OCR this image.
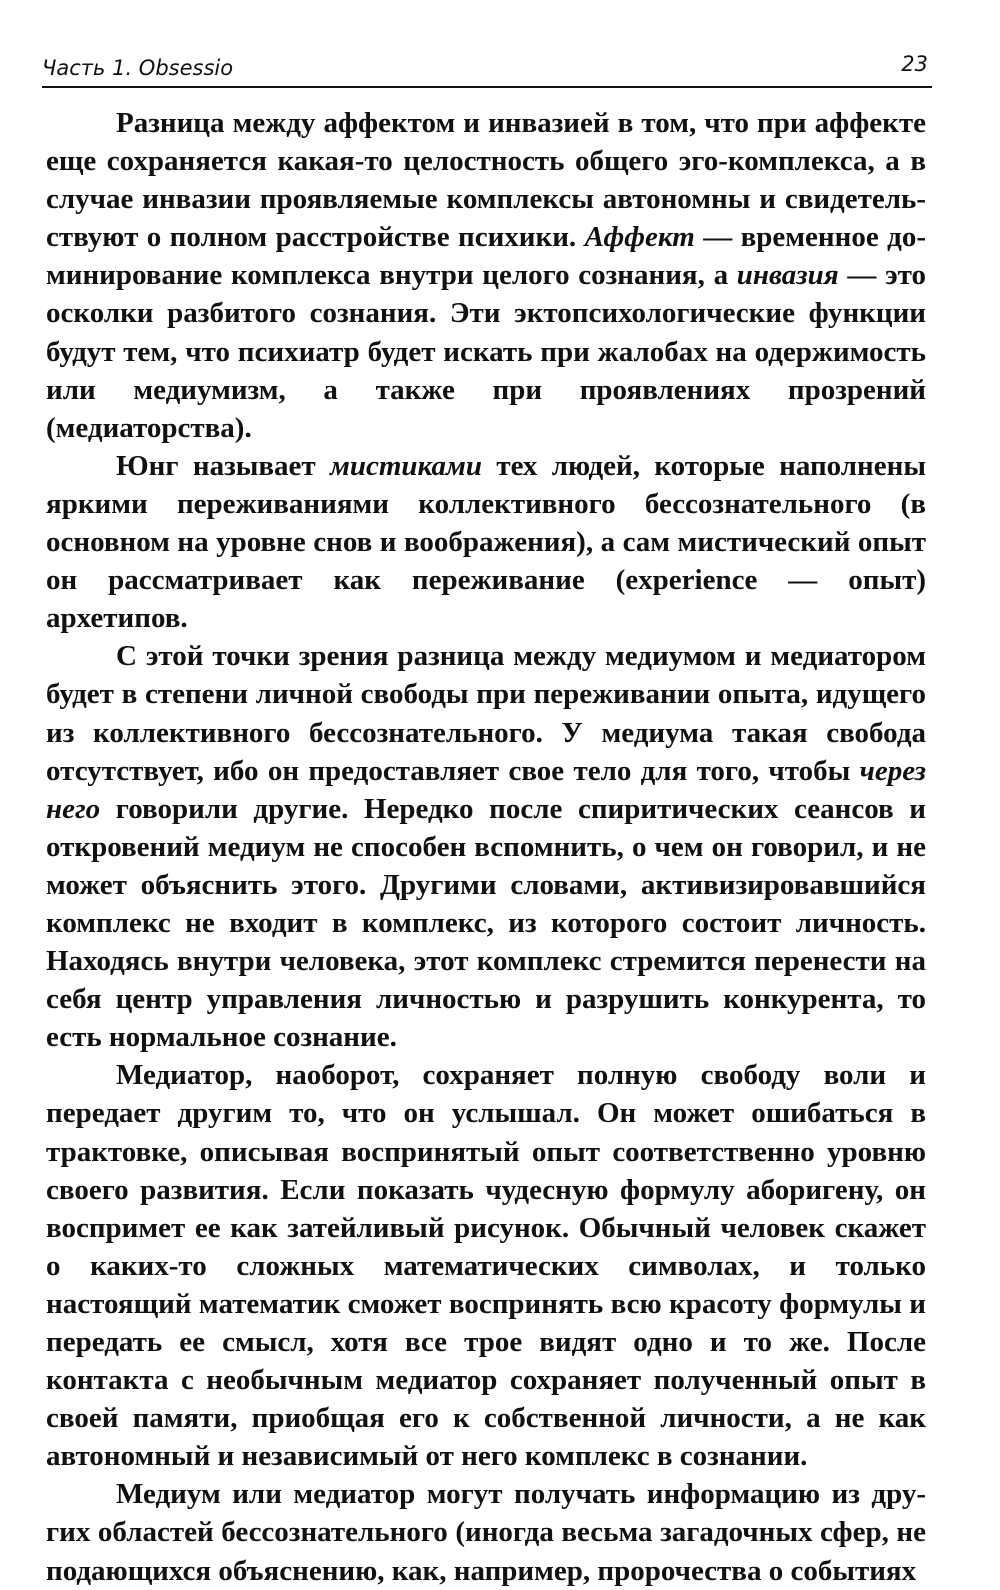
Часть 1. Obsessio	23

Разница между аффектом и инвазией в том, что при аффекте еще сохраняется какая-то целостность общего эго-комплекса, а в случае инвазии проявляемые комплексы автономны и свидетельствуют о полном расстройстве психики. Аффект — временное доминирование комплекса внутри целого сознания, а инвазия — это осколки разбитого сознания. Эти эктопсихологические функции будут тем, что психиатр будет искать при жалобах на одержимость или медиумизм, а также при проявлениях прозрений (медиаторства).

Юнг называет мистиками тех людей, которые наполнены яркими переживаниями коллективного бессознательного (в основном на уровне снов и воображения), а сам мистический опыт он рассматривает как переживание (experience — опыт) архетипов.

С этой точки зрения разница между медиумом и медиатором будет в степени личной свободы при переживании опыта, идущего из коллективного бессознательного. У медиума такая свобода отсутствует, ибо он предоставляет свое тело для того, чтобы через него говорили другие. Нередко после спиритических сеансов и откровений медиум не способен вспомнить, о чем он говорил, и не может объяснить этого. Другими словами, активизировавшийся комплекс не входит в комплекс, из которого состоит личность. Находясь внутри человека, этот комплекс стремится перенести на себя центр управления личностью и разрушить конкурента, то есть нормальное сознание.

Медиатор, наоборот, сохраняет полную свободу воли и передает другим то, что он услышал. Он может ошибаться в трактовке, описывая воспринятый опыт соответственно уровню своего развития. Если показать чудесную формулу аборигену, он воспримет ее как затейливый рисунок. Обычный человек скажет о каких-то сложных математических символах, и только настоящий математик сможет воспринять всю красоту формулы и передать ее смысл, хотя все трое видят одно и то же. После контакта с необычным медиатор сохраняет полученный опыт в своей памяти, приобщая его к собственной личности, а не как автономный и независимый от него комплекс в сознании.

Медиум или медиатор могут получать информацию из других областей бессознательного (иногда весьма загадочных сфер, не подающихся объяснению, как, например, пророчества о событиях
